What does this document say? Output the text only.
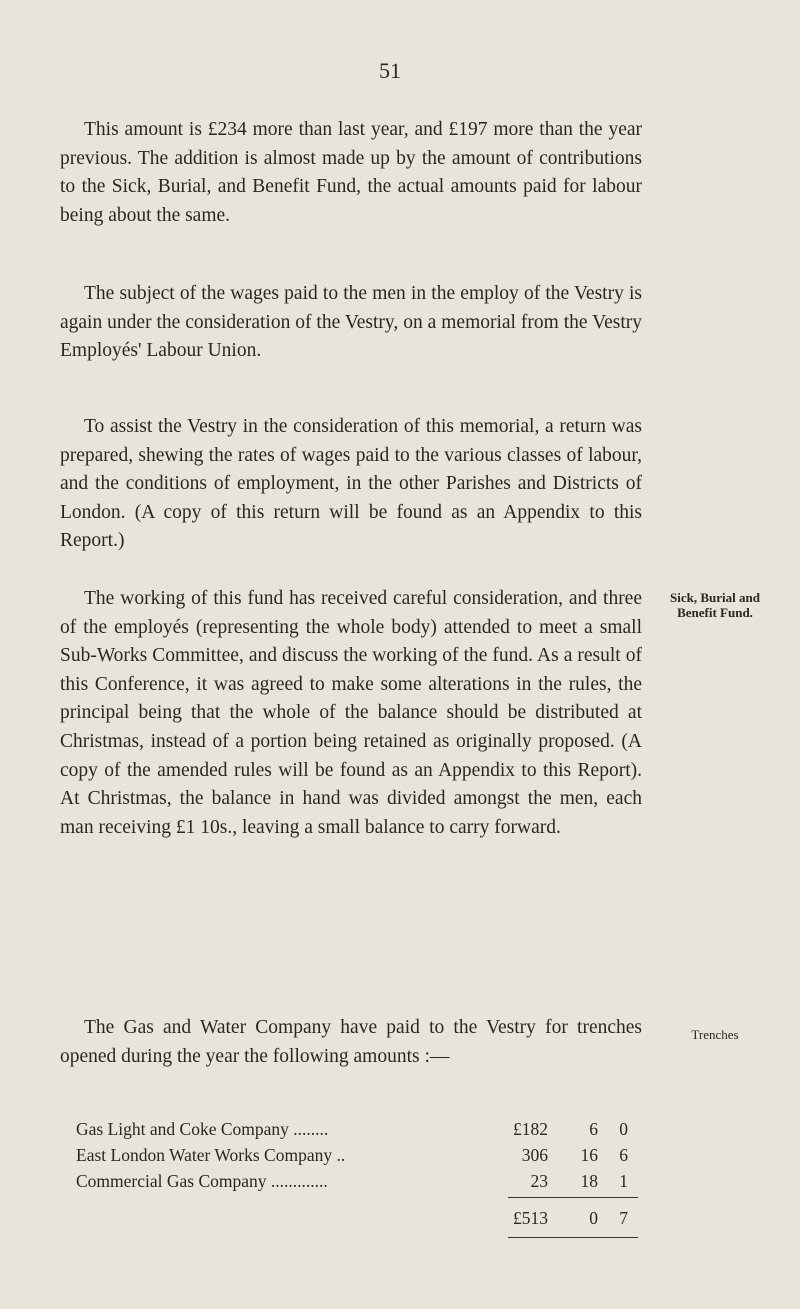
51

This amount is £234 more than last year, and £197 more than the year previous. The addition is almost made up by the amount of contributions to the Sick, Burial, and Benefit Fund, the actual amounts paid for labour being about the same.

The subject of the wages paid to the men in the employ of the Vestry is again under the consideration of the Vestry, on a memorial from the Vestry Employés' Labour Union.

To assist the Vestry in the consideration of this memorial, a return was prepared, shewing the rates of wages paid to the various classes of labour, and the conditions of employment, in the other Parishes and Districts of London. (A copy of this return will be found as an Appendix to this Report.)

The working of this fund has received careful consideration, and three of the employés (representing the whole body) attended to meet a small Sub-Works Committee, and discuss the working of the fund. As a result of this Conference, it was agreed to make some alterations in the rules, the principal being that the whole of the balance should be distributed at Christmas, instead of a portion being retained as originally proposed. (A copy of the amended rules will be found as an Appendix to this Report). At Christmas, the balance in hand was divided amongst the men, each man receiving £1 10s., leaving a small balance to carry forward.

The Gas and Water Company have paid to the Vestry for trenches opened during the year the following amounts :—

Sick, Burial and Benefit Fund.
Trenches
Gas Light and Coke Company ........	£182 6 0
East London Water Works Company ..	306 16 6
Commercial Gas Company .............	23 18 1
£513 0 7
